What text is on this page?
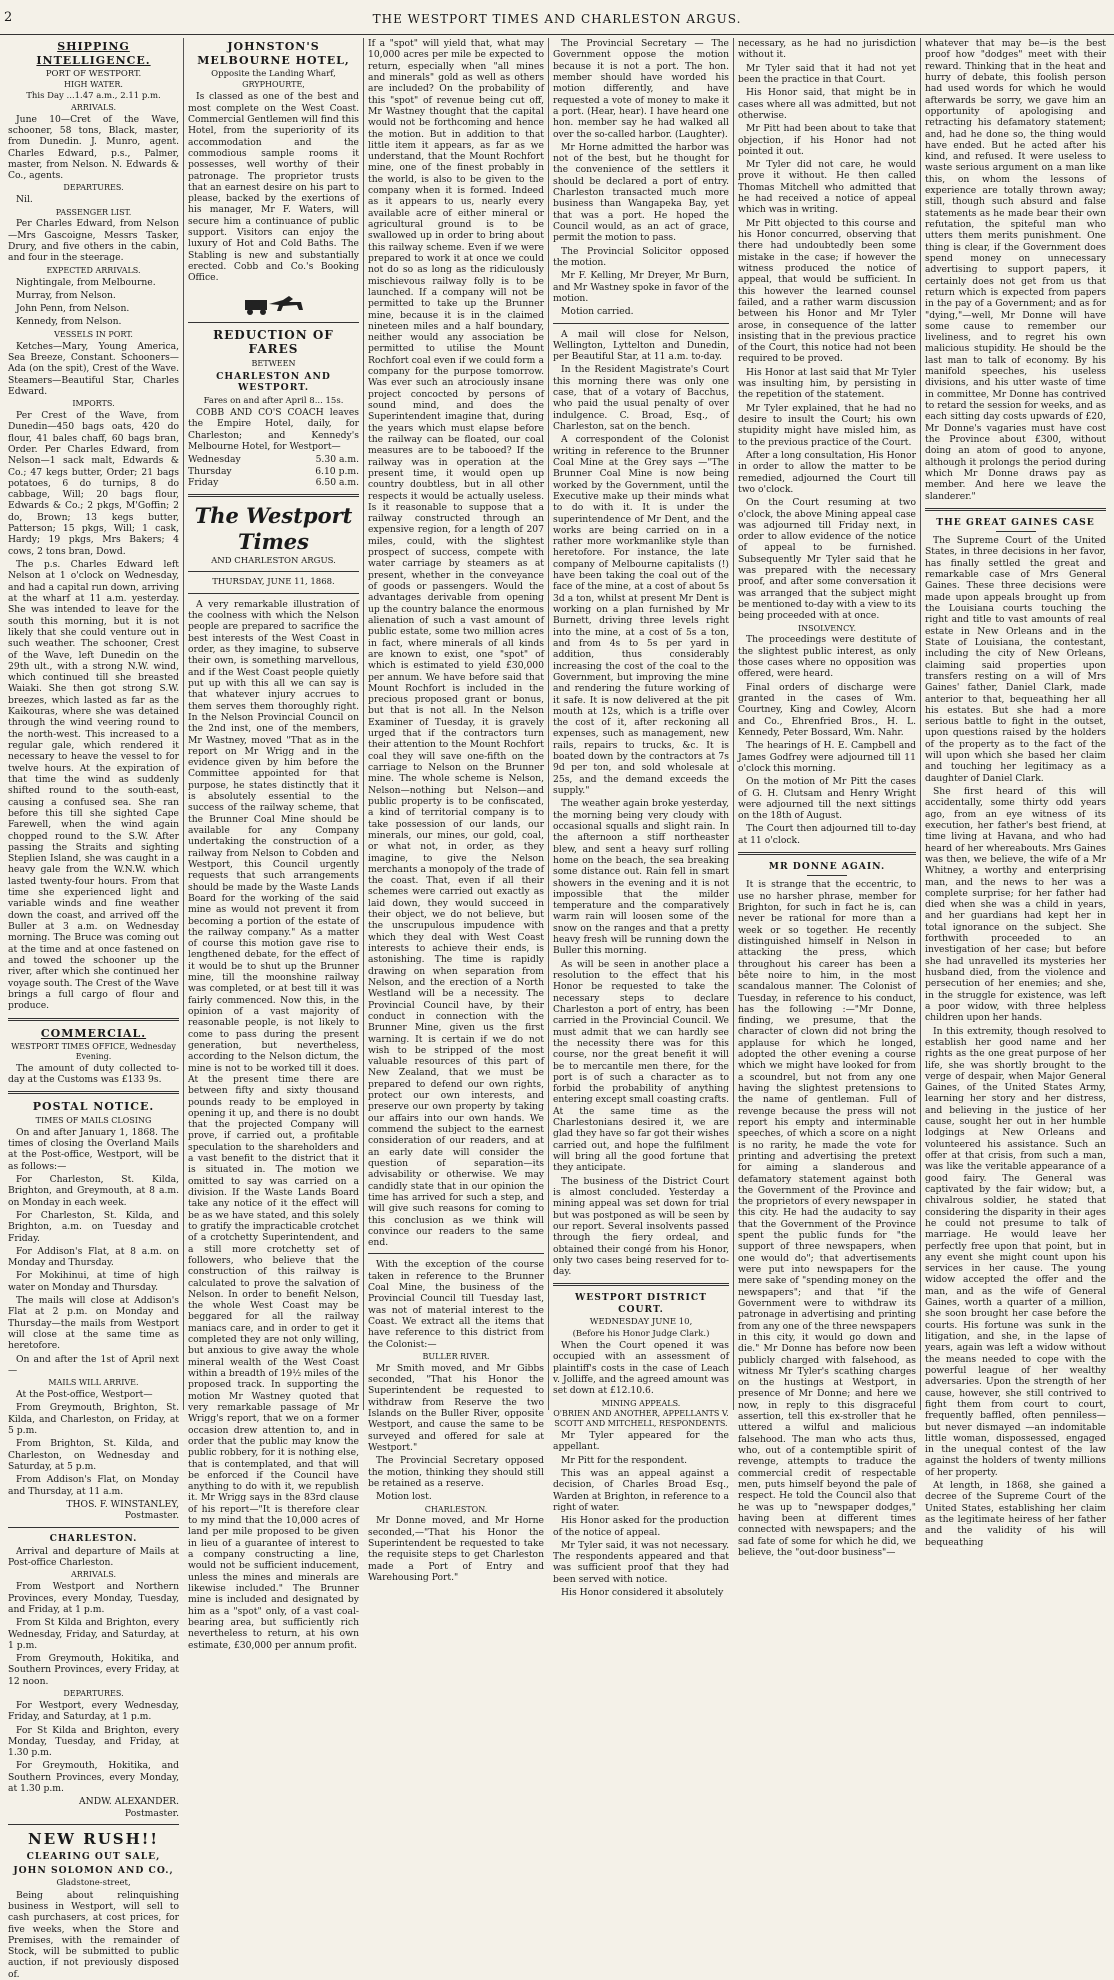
2	THE WESTPORT TIMES AND CHARLESTON ARGUS.
SHIPPING INTELLIGENCE.
PORT OF WESTPORT.
HIGH WATER.
This Day ...1.47 a.m., 2.11 p.m.
ARRIVALS.

June 10—Cret of the Wave, schooner, 58 tons, Black, master, from Dunedin. J. Munro, agent. Charles Edward, p.s., Palmer, master, from Nelson. N. Edwards & Co., agents.

DEPARTURES.

Nil.

PASSENGER LIST.

Per Charles Edward, from Nelson—Mrs Gascoigne, Messrs Tasker, Drury, and five others in the cabin, and four in the steerage.

EXPECTED ARRIVALS.

Nightingale, from Melbourne.

Murray, from Nelson.

John Penn, from Nelson.

Kennedy, from Nelson.

VESSELS IN PORT.

Ketches—Mary, Young America, Sea Breeze, Constant. Schooners—Ada (on the spit), Crest of the Wave. Steamers—Beautiful Star, Charles Edward.

IMPORTS.

Per Crest of the Wave, from Dunedin—450 bags oats, 420 do flour, 41 bales chaff, 60 bags bran, Order. Per Charles Edward, from Nelson—1 sack malt, Edwards & Co.; 47 kegs butter, Order; 21 bags potatoes, 6 do turnips, 8 do cabbage, Will; 20 bags flour, Edwards & Co.; 2 pkgs, M'Goffin; 2 do, Brown; 13 kegs butter, Patterson; 15 pkgs, Will; 1 cask, Hardy; 19 pkgs, Mrs Bakers; 4 cows, 2 tons bran, Dowd.

The p.s. Charles Edward left Nelson at 1 o'clock on Wednesday, and had a capital run down, arriving at the wharf at 11 a.m. yesterday. She was intended to leave for the south this morning, but it is not likely that she could venture out in such weather. The schooner, Crest of the Wave, left Dunedin on the 29th ult., with a strong N.W. wind, which continued till she breasted Waiaki. She then got strong S.W. breezes, which lasted as far as the Kaikouras, where she was detained through the wind veering round to the north-west. This increased to a regular gale, which rendered it necessary to heave the vessel to for twelve hours. At the expiration of that time the wind as suddenly shifted round to the south-east, causing a confused sea. She ran before this till she sighted Cape Farewell, when the wind again chopped round to the S.W. After passing the Straits and sighting Steplien Island, she was caught in a heavy gale from the W.N.W. which lasted twenty-four hours. From that time she experienced light and variable winds and fine weather down the coast, and arrived off the Buller at 3 a.m. on Wednesday morning. The Bruce was coming out at the time and at once fastened on and towed the schooner up the river, after which she continued her voyage south. The Crest of the Wave brings a full cargo of flour and produce.

COMMERCIAL.
WESTPORT TIMES OFFICE, Wednesday Evening.

The amount of duty collected to-day at the Customs was £133 9s.

POSTAL NOTICE.
TIMES OF MAILS CLOSING

On and after January 1, 1868. The times of closing the Overland Mails at the Post-office, Westport, will be as follows:—

For Charleston, St. Kilda, Brighton, and Greymouth, at 8 a.m. on Monday in each week.

For Charleston, St. Kilda, and Brighton, a.m. on Tuesday and Friday.

For Addison's Flat, at 8 a.m. on Monday and Thursday.

For Mokihinui, at time of high water on Monday and Thursday.

The mails will close at Addison's Flat at 2 p.m. on Monday and Thursday—the mails from Westport will close at the same time as heretofore.

On and after the 1st of April next—

MAILS WILL ARRIVE.

At the Post-office, Westport—

From Greymouth, Brighton, St. Kilda, and Charleston, on Friday, at 5 p.m.

From Brighton, St. Kilda, and Charleston, on Wednesday and Saturday, at 5 p.m.

From Addison's Flat, on Monday and Thursday, at 11 a.m.

THOS. F. WINSTANLEY,
Postmaster.
CHARLESTON.

Arrival and departure of Mails at Post-office Charleston.

ARRIVALS.

From Westport and Northern Provinces, every Monday, Tuesday, and Friday, at 1 p.m.

From St Kilda and Brighton, every Wednesday, Friday, and Saturday, at 1 p.m.

From Greymouth, Hokitika, and Southern Provinces, every Friday, at 12 noon.

DEPARTURES.

For Westport, every Wednesday, Friday, and Saturday, at 1 p.m.

For St Kilda and Brighton, every Monday, Tuesday, and Friday, at 1.30 p.m.

For Greymouth, Hokitika, and Southern Provinces, every Monday, at 1.30 p.m.

ANDW. ALEXANDER.
Postmaster.
NEW RUSH!!
CLEARING OUT SALE,
JOHN SOLOMON AND CO.,
Gladstone-street,

Being about relinquishing business in Westport, will sell to cash purchasers, at cost prices, for five weeks, when the Store and Premises, with the remainder of Stock, will be submitted to public auction, if not previously disposed of.

JOHNSTON'S MELBOURNE HOTEL,
Opposite the Landing Wharf,
GRYPHOURTE,

Is classed as one of the best and most complete on the West Coast. Commercial Gentlemen will find this Hotel, from the superiority of its accommodation and the commodious sample rooms it possesses, well worthy of their patronage. The proprietor trusts that an earnest desire on his part to please, backed by the exertions of his manager, Mr F. Waters, will secure him a continuance of public support. Visitors can enjoy the luxury of Hot and Cold Baths. The Stabling is new and substantially erected. Cobb and Co.'s Booking Office.

REDUCTION OF FARES
BETWEEN
CHARLESTON AND WESTPORT.
Fares on and after April 8... 15s.

COBB AND CO'S COACH leaves the Empire Hotel, daily, for Charleston; and Kennedy's Melbourne Hotel, for Westport—

Wednesday	5.30 a.m.
Thursday	6.10 p.m.
Friday	6.50 a.m.
The Westport Times
AND CHARLESTON ARGUS.
THURSDAY, JUNE 11, 1868.

A very remarkable illustration of the coolness with which the Nelson people are prepared to sacrifice the best interests of the West Coast in order, as they imagine, to subserve their own, is something marvellous, and if the West Coast people quietly put up with this all we can say is that whatever injury accrues to them serves them thoroughly right. In the Nelson Provincial Council on the 2nd inst, one of the members, Mr Wastney, moved "That as in the report on Mr Wrigg and in the evidence given by him before the Committee appointed for that purpose, he states distinctly that it is absolutely essential to the success of the railway scheme, that the Brunner Coal Mine should be available for any Company undertaking the construction of a railway from Nelson to Cobden and Westport, this Council urgently requests that such arrangements should be made by the Waste Lands Board for the working of the said mine as would not prevent it from becoming a portion of the estate of the railway company." As a matter of course this motion gave rise to lengthened debate, for the effect of it would be to shut up the Brunner mine, till the moonshine railway was completed, or at best till it was fairly commenced. Now this, in the opinion of a vast majority of reasonable people, is not likely to come to pass during the present generation, but nevertheless, according to the Nelson dictum, the mine is not to be worked till it does. At the present time there are between fifty and sixty thousand pounds ready to be employed in opening it up, and there is no doubt that the projected Company will prove, if carried out, a profitable speculation to the shareholders and a vast benefit to the district that it is situated in. The motion we omitted to say was carried on a division. If the Waste Lands Board take any notice of it the effect will be as we have stated, and this solely to gratify the impracticable crotchet of a crotchetty Superintendent, and a still more crotchetty set of followers, who believe that the construction of this railway is calculated to prove the salvation of Nelson. In order to benefit Nelson, the whole West Coast may be beggared for all the railway maniacs care, and in order to get it completed they are not only willing, but anxious to give away the whole mineral wealth of the West Coast within a breadth of 19½ miles of the proposed track. In supporting the motion Mr Wastney quoted that very remarkable passage of Mr Wrigg's report, that we on a former occasion drew attention to, and in order that the public may know the public robbery, for it is nothing else, that is contemplated, and that will be enforced if the Council have anything to do with it, we republish it. Mr Wrigg says in the 83rd clause of his report—"It is therefore clear to my mind that the 10,000 acres of land per mile proposed to be given in lieu of a guarantee of interest to a company constructing a line, would not be sufficient inducement, unless the mines and minerals are likewise included." The Brunner mine is included and designated by him as a "spot" only, of a vast coal-bearing area, but sufficiently rich nevertheless to return, at his own estimate, £30,000 per annum profit.

If a "spot" will yield that, what may 10,000 acres per mile be expected to return, especially when "all mines and minerals" gold as well as others are included? On the probability of this "spot" of revenue being cut off, Mr Wastney thought that the capital would not be forthcoming and hence the motion. But in addition to that little item it appears, as far as we understand, that the Mount Rochfort mine, one of the finest probably in the world, is also to be given to the company when it is formed. Indeed as it appears to us, nearly every available acre of either mineral or agricultural ground is to be swallowed up in order to bring about this railway scheme. Even if we were prepared to work it at once we could not do so as long as the ridiculously mischievous railway folly is to be launched. If a company will not be permitted to take up the Brunner mine, because it is in the claimed nineteen miles and a half boundary, neither would any association be permitted to utilise the Mount Rochfort coal even if we could form a company for the purpose tomorrow. Was ever such an atrociously insane project concocted by persons of sound mind, and does the Superintendent imagine that, during the years which must elapse before the railway can be floated, our coal measures are to be tabooed? If the railway was in operation at the present time, it would open up country doubtless, but in all other respects it would be actually useless. Is it reasonable to suppose that a railway constructed through an expensive region, for a length of 207 miles, could, with the slightest prospect of success, compete with water carriage by steamers as at present, whether in the conveyance of goods or passengers. Would the advantages derivable from opening up the country balance the enormous alienation of such a vast amount of public estate, some two million acres in fact, where minerals of all kinds are known to exist, one "spot" of which is estimated to yield £30,000 per annum. We have before said that Mount Rochfort is included in the precious proposed grant or bonus, but that is not all. In the Nelson Examiner of Tuesday, it is gravely urged that if the contractors turn their attention to the Mount Rochfort coal they will save one-fifth on the carriage to Nelson on the Brunner mine. The whole scheme is Nelson, Nelson—nothing but Nelson—and public property is to be confiscated, a kind of territorial company is to take possession of our lands, our minerals, our mines, our gold, coal, or what not, in order, as they imagine, to give the Nelson merchants a monopoly of the trade of the coast. That, even if all their schemes were carried out exactly as laid down, they would succeed in their object, we do not believe, but the unscrupulous impudence with which they deal with West Coast interests to achieve their ends, is astonishing. The time is rapidly drawing on when separation from Nelson, and the erection of a North Westland will be a necessity. The Provincial Council have, by their conduct in connection with the Brunner Mine, given us the first warning. It is certain if we do not wish to be stripped of the most valuable resources of this part of New Zealand, that we must be prepared to defend our own rights, protect our own interests, and preserve our own property by taking our affairs into our own hands. We commend the subject to the earnest consideration of our readers, and at an early date will consider the question of separation—its advisability or otherwise. We may candidly state that in our opinion the time has arrived for such a step, and will give such reasons for coming to this conclusion as we think will convince our readers to the same end.

With the exception of the course taken in reference to the Brunner Coal Mine, the business of the Provincial Council till Tuesday last, was not of material interest to the Coast. We extract all the items that have reference to this district from the Colonist:—

BULLER RIVER.

Mr Smith moved, and Mr Gibbs seconded, "That his Honor the Superintendent be requested to withdraw from Reserve the two Islands on the Buller River, opposite Westport, and cause the same to be surveyed and offered for sale at Westport."

The Provincial Secretary opposed the motion, thinking they should still be retained as a reserve.

Motion lost.

CHARLESTON.

Mr Donne moved, and Mr Horne seconded,—"That his Honor the Superintendent be requested to take the requisite steps to get Charleston made a Port of Entry and Warehousing Port."

The Provincial Secretary — The Government oppose the motion because it is not a port. The hon. member should have worded his motion differently, and have requested a vote of money to make it a port. (Hear, hear). I have heard one hon. member say he had walked all over the so-called harbor. (Laughter).

Mr Horne admitted the harbor was not of the best, but he thought for the convenience of the settlers it should be declared a port of entry. Charleston transacted much more business than Wangapeka Bay, yet that was a port. He hoped the Council would, as an act of grace, permit the motion to pass.

The Provincial Solicitor opposed the motion.

Mr F. Kelling, Mr Dreyer, Mr Burn, and Mr Wastney spoke in favor of the motion.

Motion carried.

A mail will close for Nelson, Wellington, Lyttelton and Dunedin, per Beautiful Star, at 11 a.m. to-day.

In the Resident Magistrate's Court this morning there was only one case, that of a votary of Bacchus, who paid the usual penalty of over indulgence. C. Broad, Esq., of Charleston, sat on the bench.

A correspondent of the Colonist writing in reference to the Brunner Coal Mine at the Grey says —"The Brunner Coal Mine is now being worked by the Government, until the Executive make up their minds what to do with it. It is under the superintendence of Mr Dent, and the works are being carried on in a rather more workmanlike style than heretofore. For instance, the late company of Melbourne capitalists (!) have been taking the coal out of the face of the mine, at a cost of about 5s 3d a ton, whilst at present Mr Dent is working on a plan furnished by Mr Burnett, driving three levels right into the mine, at a cost of 5s a ton, and from 4s to 5s per yard in addition, thus considerably increasing the cost of the coal to the Government, but improving the mine and rendering the future working of it safe. It is now delivered at the pit mouth at 12s, which is a trifle over the cost of it, after reckoning all expenses, such as management, new rails, repairs to trucks, &c. It is boated down by the contractors at 7s 9d per ton, and sold wholesale at 25s, and the demand exceeds the supply."

The weather again broke yesterday, the morning being very cloudy with occasional squalls and slight rain. In the afternoon a stiff northeaster blew, and sent a heavy surf rolling home on the beach, the sea breaking some distance out. Rain fell in smart showers in the evening and it is not impossible that the milder temperature and the comparatively warm rain will loosen some of the snow on the ranges and that a pretty heavy fresh will be running down the Buller this morning.

As will be seen in another place a resolution to the effect that his Honor be requested to take the necessary steps to declare Charleston a port of entry, has been carried in the Provincial Council. We must admit that we can hardly see the necessity there was for this course, nor the great benefit it will be to mercantile men there, for the port is of such a character as to forbid the probability of anything entering except small coasting crafts. At the same time as the Charlestonians desired it, we are glad they have so far got their wishes carried out, and hope the fulfilment will bring all the good fortune that they anticipate.

The business of the District Court is almost concluded. Yesterday a mining appeal was set down for trial but was postponed as will be seen by our report. Several insolvents passed through the fiery ordeal, and obtained their congé from his Honor, only two cases being reserved for to-day.

WESTPORT DISTRICT COURT.
WEDNESDAY JUNE 10,
(Before his Honor Judge Clark.)

When the Court opened it was occupied with an assessment of plaintiff's costs in the case of Leach v. Jolliffe, and the agreed amount was set down at £12.10.6.

MINING APPEALS.
O'BRIEN AND ANOTHER, APPELLANTS V. SCOTT AND MITCHELL, RESPONDENTS.

Mr Tyler appeared for the appellant.

Mr Pitt for the respondent.

This was an appeal against a decision, of Charles Broad Esq., Warden at Brighton, in reference to a right of water.

His Honor asked for the production of the notice of appeal.

Mr Tyler said, it was not necessary. The respondents appeared and that was sufficient proof that they had been served with notice.

His Honor considered it absolutely

necessary, as he had no jurisdiction without it.

Mr Tyler said that it had not yet been the practice in that Court.

His Honor said, that might be in cases where all was admitted, but not otherwise.

Mr Pitt had been about to take that objection, if his Honor had not pointed it out.

Mr Tyler did not care, he would prove it without. He then called Thomas Mitchell who admitted that he had received a notice of appeal which was in writing.

Mr Pitt objected to this course and his Honor concurred, observing that there had undoubtedly been some mistake in the case; if however the witness produced the notice of appeal, that would be sufficient. In this however the learned counsel failed, and a rather warm discussion between his Honor and Mr Tyler arose, in consequence of the latter insisting that in the previous practice of the Court, this notice had not been required to be proved.

His Honor at last said that Mr Tyler was insulting him, by persisting in the repetition of the statement.

Mr Tyler explained, that he had no desire to insult the Court; his own stupidity might have misled him, as to the previous practice of the Court.

After a long consultation, His Honor in order to allow the matter to be remedied, adjourned the Court till two o'clock.

On the Court resuming at two o'clock, the above Mining appeal case was adjourned till Friday next, in order to allow evidence of the notice of appeal to be furnished. Subsequently Mr Tyler said that he was prepared with the necessary proof, and after some conversation it was arranged that the subject might be mentioned to-day with a view to its being proceeded with at once.

INSOLVENCY.

The proceedings were destitute of the slightest public interest, as only those cases where no opposition was offered, were heard.

Final orders of discharge were granted in the cases of Wm. Courtney, King and Cowley, Alcorn and Co., Ehrenfried Bros., H. L. Kennedy, Peter Bossard, Wm. Nahr.

The hearings of H. E. Campbell and James Godfrey were adjourned till 11 o'clock this morning.

On the motion of Mr Pitt the cases of G. H. Clutsam and Henry Wright were adjourned till the next sittings on the 18th of August.

The Court then adjourned till to-day at 11 o'clock.

MR DONNE AGAIN.

It is strange that the eccentric, to use no harsher phrase, member for Brighton, for such in fact he is, can never be rational for more than a week or so together. He recently distinguished himself in Nelson in attacking the press, which throughout his career has been a bête noire to him, in the most scandalous manner. The Colonist of Tuesday, in reference to his conduct, has the following :—"Mr Donne, finding, we presume, that the character of clown did not bring the applause for which he longed, adopted the other evening a course which we might have looked for from a scoundrel, but not from any one having the slightest pretensions to the name of gentleman. Full of revenge because the press will not report his empty and interminable speeches, of which a score on a night is no rarity, he made the vote for printing and advertising the pretext for aiming a slanderous and defamatory statement against both the Government of the Province and the proprietors of every newspaper in this city. He had the audacity to say that the Government of the Province spent the public funds for "the support of three newspapers, when one would do"; that advertisements were put into newspapers for the mere sake of "spending money on the newspapers"; and that "if the Government were to withdraw its patronage in advertising and printing from any one of the three newspapers in this city, it would go down and die." Mr Donne has before now been publicly charged with falsehood, as witness Mr Tyler's scathing charges on the hustings at Westport, in presence of Mr Donne; and here we now, in reply to this disgraceful assertion, tell this ex-stroller that he uttered a wilful and malicious falsehood. The man who acts thus, who, out of a contemptible spirit of revenge, attempts to traduce the commercial credit of respectable men, puts himself beyond the pale of respect. He told the Council also that he was up to "newspaper dodges," having been at different times connected with newspapers; and the sad fate of some for which he did, we believe, the "out-door business"—

whatever that may be—is the best proof how "dodges" meet with their reward. Thinking that in the heat and hurry of debate, this foolish person had used words for which he would afterwards be sorry, we gave him an opportunity of apologising and retracting his defamatory statement; and, had he done so, the thing would have ended. But he acted after his kind, and refused. It were useless to waste serious argument on a man like this, on whom the lessons of experience are totally thrown away; still, though such absurd and false statements as he made bear their own refutation, the spiteful man who utters them merits punishment. One thing is clear, if the Government does spend money on unnecessary advertising to support papers, it certainly does not get from us that return which is expected from papers in the pay of a Government; and as for "dying,"—well, Mr Donne will have some cause to remember our liveliness, and to regret his own malicious stupidity. He should be the last man to talk of economy. By his manifold speeches, his useless divisions, and his utter waste of time in committee, Mr Donne has contrived to retard the session for weeks, and as each sitting day costs upwards of £20, Mr Donne's vagaries must have cost the Province about £300, without doing an atom of good to anyone, although it prolongs the period during which Mr Donne draws pay as member. And here we leave the slanderer."

THE GREAT GAINES CASE

The Supreme Court of the United States, in three decisions in her favor, has finally settled the great and remarkable case of Mrs General Gaines. These three decisions were made upon appeals brought up from the Louisiana courts touching the right and title to vast amounts of real estate in New Orleans and in the State of Louisiana, the contestant, including the city of New Orleans, claiming said properties upon transfers resting on a will of Mrs Gaines' father, Daniel Clark, made anterior to that, bequeathing her all his estates. But she had a more serious battle to fight in the outset, upon questions raised by the holders of the property as to the fact of the will upon which she based her claim and touching her legitimacy as a daughter of Daniel Clark.

She first heard of this will accidentally, some thirty odd years ago, from an eye witness of its execution, her father's best friend, at time living at Havana, and who had heard of her whereabouts. Mrs Gaines was then, we believe, the wife of a Mr Whitney, a worthy and enterprising man, and the news to her was a complete surprise; for her father had died when she was a child in years, and her guardians had kept her in total ignorance on the subject. She forthwith proceeded to an investigation of her case; but before she had unravelled its mysteries her husband died, from the violence and persecution of her enemies; and she, in the struggle for existence, was left a poor widow, with three helpless children upon her hands.

In this extremity, though resolved to establish her good name and her rights as the one great purpose of her life, she was shortly brought to the verge of despair, when Major General Gaines, of the United States Army, learning her story and her distress, and believing in the justice of her cause, sought her out in her humble lodgings at New Orleans and volunteered his assistance. Such an offer at that crisis, from such a man, was like the veritable appearance of a good fairy. The General was captivated by the fair widow; but, a chivalrous soldier, he stated that considering the disparity in their ages he could not presume to talk of marriage. He would leave her perfectly free upon that point, but in any event she might count upon his services in her cause. The young widow accepted the offer and the man, and as the wife of General Gaines, worth a quarter of a million, she soon brought her case before the courts. His fortune was sunk in the litigation, and she, in the lapse of years, again was left a widow without the means needed to cope with the powerful league of her wealthy adversaries. Upon the strength of her cause, however, she still contrived to fight them from court to court, frequently baffled, often penniless—but never dismayed —an indomitable little woman, dispossessed, engaged in the unequal contest of the law against the holders of twenty millions of her property.

At length, in 1868, she gained a decree of the Supreme Court of the United States, establishing her claim as the legitimate heiress of her father and the validity of his will bequeathing
